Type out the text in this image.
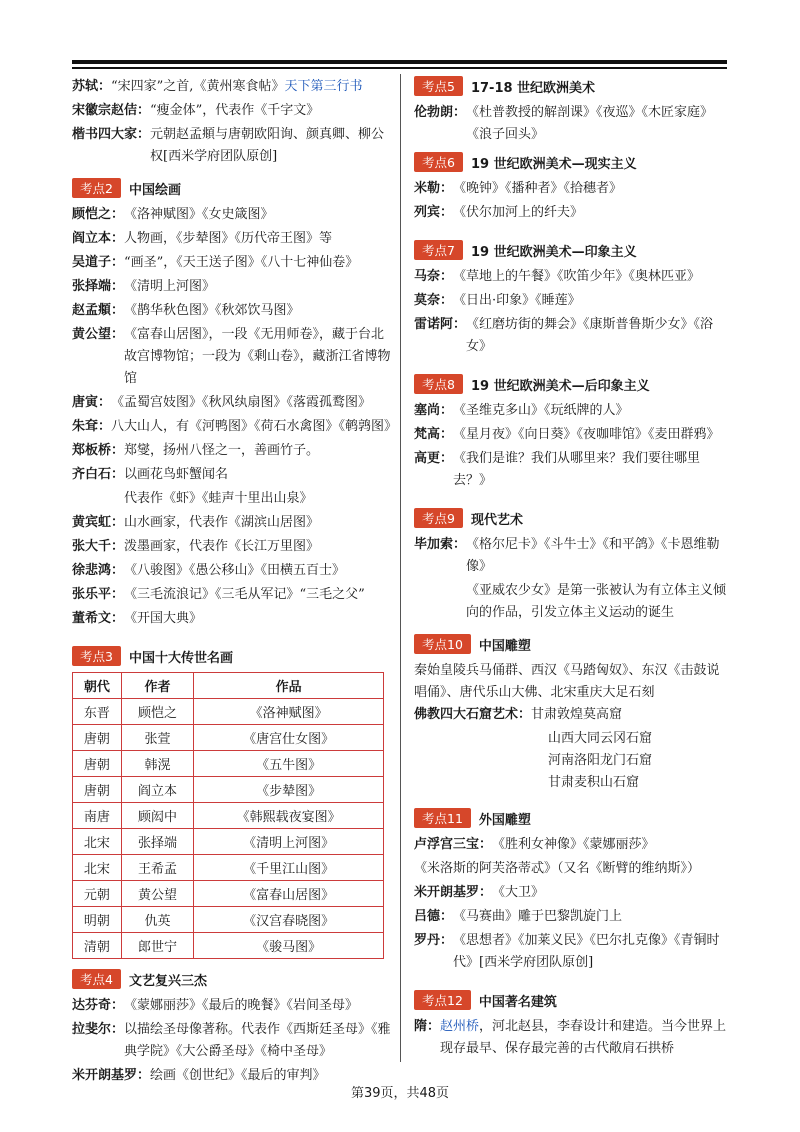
苏轼： “宋四家”之首,《黄州寒食帖》天下第三行书
宋徽宗赵佶： “瘦金体”，代表作《千字文》
楷书四大家： 元朝赵孟頫与唐朝欧阳询、颜真卿、柳公权[西米学府团队原创]
考点2	中国绘画
顾恺之： 《洛神赋图》《女史箴图》
阎立本： 人物画，《步辇图》《历代帝王图》等
吴道子： “画圣”，《天王送子图》《八十七神仙卷》
张择端： 《清明上河图》
赵孟頫： 《鹊华秋色图》《秋郊饮马图》
黄公望： 《富春山居图》，一段《无用师卷》，藏于台北故宫博物馆；一段为《剩山卷》，藏浙江省博物馆
唐寅： 《孟蜀宫妓图》《秋风纨扇图》《落霞孤鹜图》
朱耷： 八大山人，有《河鸭图》《荷石水禽图》《鹌鹑图》
郑板桥： 郑燮，扬州八怪之一，善画竹子。
齐白石： 以画花鸟虾蟹闻名
代表作《虾》《蛙声十里出山泉》
黄宾虹： 山水画家，代表作《湖滨山居图》
张大千： 泼墨画家，代表作《长江万里图》
徐悲鸿： 《八骏图》《愚公移山》《田横五百士》
张乐平： 《三毛流浪记》《三毛从军记》“三毛之父”
董希文： 《开国大典》
考点3	中国十大传世名画
朝代	作者	作品
东晋	顾恺之	《洛神赋图》
唐朝	张萱	《唐宫仕女图》
唐朝	韩滉	《五牛图》
唐朝	阎立本	《步辇图》
南唐	顾闳中	《韩熙载夜宴图》
北宋	张择端	《清明上河图》
北宋	王希孟	《千里江山图》
元朝	黄公望	《富春山居图》
明朝	仇英	《汉宫春晓图》
清朝	郎世宁	《骏马图》
考点4	文艺复兴三杰
达芬奇： 《蒙娜丽莎》《最后的晚餐》《岩间圣母》
拉斐尔： 以描绘圣母像著称。代表作《西斯廷圣母》《雅典学院》《大公爵圣母》《椅中圣母》
米开朗基罗： 绘画《创世纪》《最后的审判》
考点5	17-18 世纪欧洲美术
伦勃朗： 《杜普教授的解剖课》《夜巡》《木匠家庭》《浪子回头》
考点6	19 世纪欧洲美术—现实主义
米勒： 《晚钟》《播种者》《拾穗者》
列宾： 《伏尔加河上的纤夫》
考点7	19 世纪欧洲美术—印象主义
马奈： 《草地上的午餐》《吹笛少年》《奥林匹亚》
莫奈： 《日出·印象》《睡莲》
雷诺阿： 《红磨坊街的舞会》《康斯普鲁斯少女》《浴女》
考点8	19 世纪欧洲美术—后印象主义
塞尚： 《圣维克多山》《玩纸牌的人》
梵高： 《星月夜》《向日葵》《夜咖啡馆》《麦田群鸦》
高更： 《我们是谁？我们从哪里来？我们要往哪里去？》
考点9	现代艺术
毕加索： 《格尔尼卡》《斗牛士》《和平鸽》《卡恩维勒像》
《亚威农少女》是第一张被认为有立体主义倾向的作品，引发立体主义运动的诞生
考点10	中国雕塑
秦始皇陵兵马俑群、西汉《马踏匈奴》、东汉《击鼓说唱俑》、唐代乐山大佛、北宋重庆大足石刻
佛教四大石窟艺术： 甘肃敦煌莫高窟
山西大同云冈石窟
河南洛阳龙门石窟
甘肃麦积山石窟
考点11	外国雕塑
卢浮宫三宝： 《胜利女神像》《蒙娜丽莎》
《米洛斯的阿芙洛蒂忒》（又名《断臂的维纳斯》）
米开朗基罗： 《大卫》
吕德： 《马赛曲》雕于巴黎凯旋门上
罗丹： 《思想者》《加莱义民》《巴尔扎克像》《青铜时代》[西米学府团队原创]
考点12	中国著名建筑
隋： 赵州桥，河北赵县，李春设计和建造。当今世界上现存最早、保存最完善的古代敞肩石拱桥
第39页，共48页
